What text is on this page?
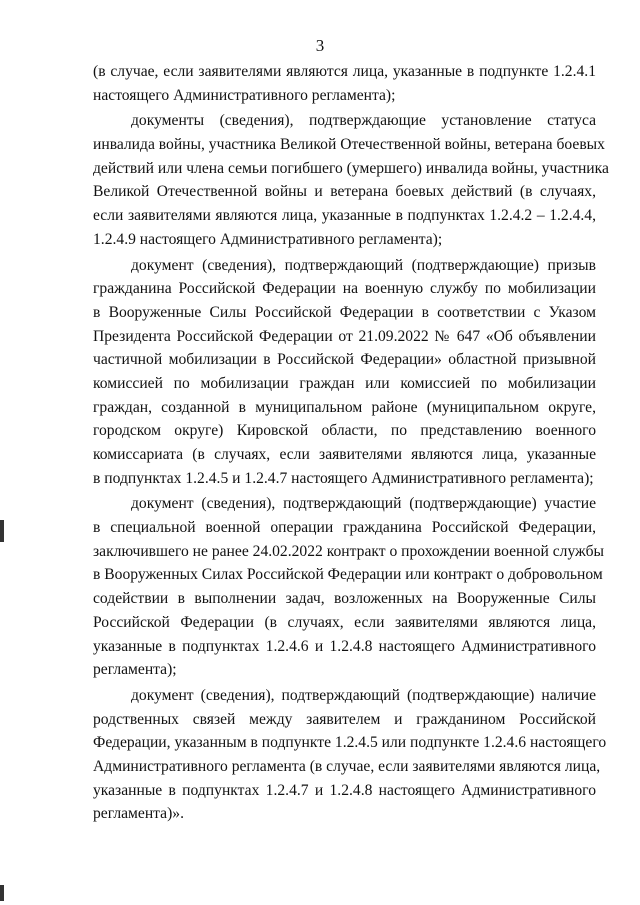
3
(в случае, если заявителями являются лица, указанные в подпункте 1.2.4.1
настоящего Административного регламента);
документы (сведения), подтверждающие установление статуса
инвалида войны, участника Великой Отечественной войны, ветерана боевых
действий или члена семьи погибшего (умершего) инвалида войны, участника
Великой Отечественной войны и ветерана боевых действий (в случаях,
если заявителями являются лица, указанные в подпунктах 1.2.4.2 – 1.2.4.4,
1.2.4.9 настоящего Административного регламента);
документ (сведения), подтверждающий (подтверждающие) призыв
гражданина Российской Федерации на военную службу по мобилизации
в Вооруженные Силы Российской Федерации в соответствии с Указом
Президента Российской Федерации от 21.09.2022 № 647 «Об объявлении
частичной мобилизации в Российской Федерации» областной призывной
комиссией по мобилизации граждан или комиссией по мобилизации
граждан, созданной в муниципальном районе (муниципальном округе,
городском округе) Кировской области, по представлению военного
комиссариата (в случаях, если заявителями являются лица, указанные
в подпунктах 1.2.4.5 и 1.2.4.7 настоящего Административного регламента);
документ (сведения), подтверждающий (подтверждающие) участие
в специальной военной операции гражданина Российской Федерации,
заключившего не ранее 24.02.2022 контракт о прохождении военной службы
в Вооруженных Силах Российской Федерации или контракт о добровольном
содействии в выполнении задач, возложенных на Вооруженные Силы
Российской Федерации (в случаях, если заявителями являются лица,
указанные в подпунктах 1.2.4.6 и 1.2.4.8 настоящего Административного
регламента);
документ (сведения), подтверждающий (подтверждающие) наличие
родственных связей между заявителем и гражданином Российской
Федерации, указанным в подпункте 1.2.4.5 или подпункте 1.2.4.6 настоящего
Административного регламента (в случае, если заявителями являются лица,
указанные в подпунктах 1.2.4.7 и 1.2.4.8 настоящего Административного
регламента)».
